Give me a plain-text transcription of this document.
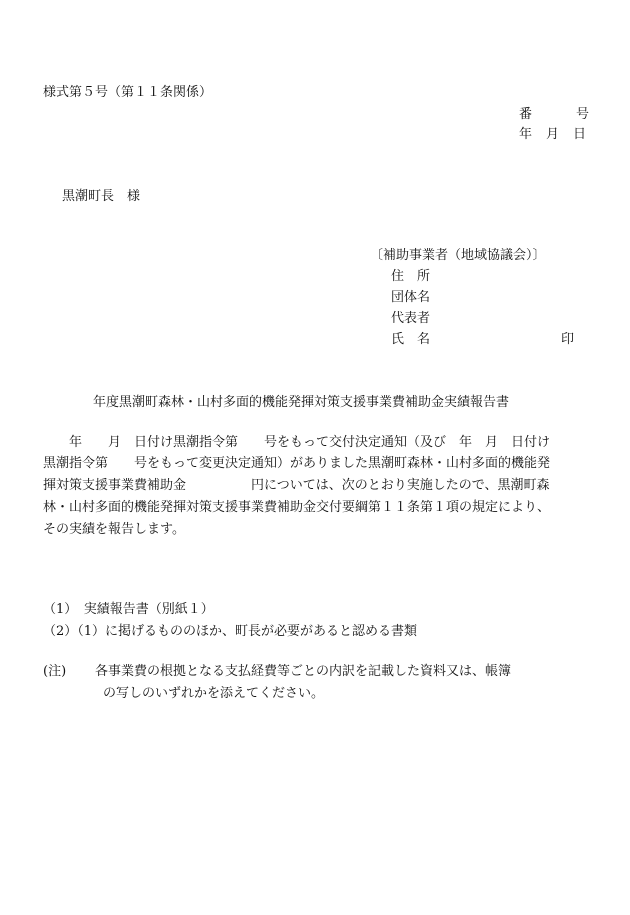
様式第５号（第１１条関係）
番	号
年 月 日
黒潮町長　様
〔補助事業者（地域協議会）〕
住　所
団体名
代表者
氏　名	印
年度黒潮町森林・山村多面的機能発揮対策支援事業費補助金実績報告書
　　年　　月　日付け黒潮指令第　　号をもって交付決定通知（及び　年　月　日付け
黒潮指令第　　号をもって変更決定通知）がありました黒潮町森林・山村多面的機能発
揮対策支援事業費補助金　　　　　円については、次のとおり実施したので、黒潮町森
林・山村多面的機能発揮対策支援事業費補助金交付要綱第１１条第１項の規定により、
その実績を報告します。
（1）　実績報告書（別紙１）
（2）（1）に掲げるもののほか、町長が必要があると認める書類
(注) 各事業費の根拠となる支払経費等ごとの内訳を記載した資料又は、帳簿
の写しのいずれかを添えてください。
